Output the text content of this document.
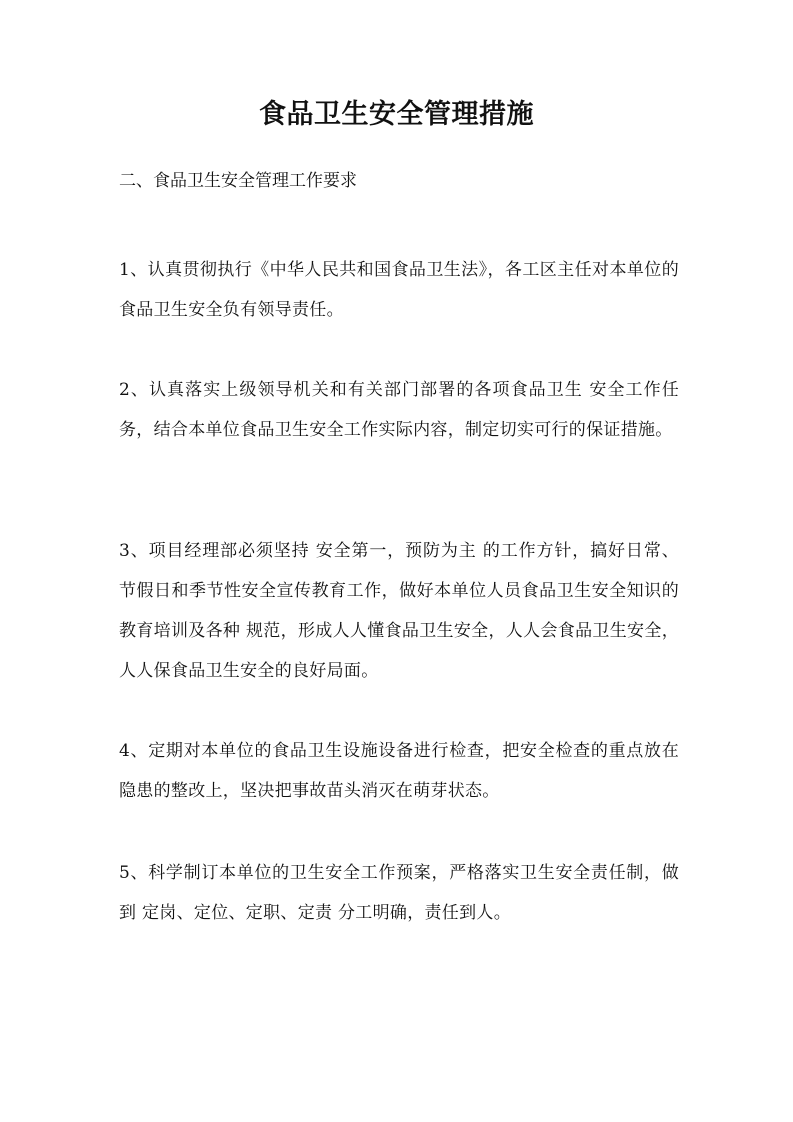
食品卫生安全管理措施
二、食品卫生安全管理工作要求
1、认真贯彻执行《中华人民共和国食品卫生法》，各工区主任对本单位的食品卫生安全负有领导责任。
2、认真落实上级领导机关和有关部门部署的各项食品卫生 安全工作任务，结合本单位食品卫生安全工作实际内容，制定切实可行的保证措施。
3、项目经理部必须坚持 安全第一，预防为主 的工作方针，搞好日常、 节假日和季节性安全宣传教育工作，做好本单位人员食品卫生安全知识的教育培训及各种 规范，形成人人懂食品卫生安全，人人会食品卫生安全，人人保食品卫生安全的良好局面。
4、定期对本单位的食品卫生设施设备进行检查，把安全检查的重点放在 隐患的整改上，坚决把事故苗头消灭在萌芽状态。
5、科学制订本单位的卫生安全工作预案，严格落实卫生安全责任制，做到 定岗、定位、定职、定责 分工明确，责任到人。
